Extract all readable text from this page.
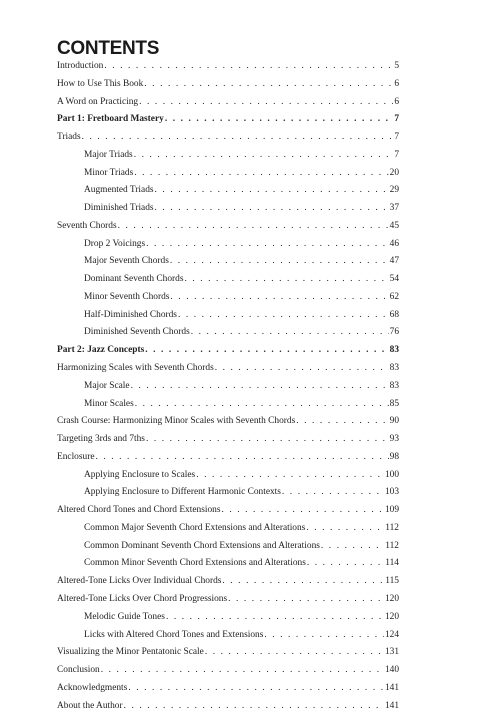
CONTENTS
Introduction . . .	5
How to Use This Book . . .	6
A Word on Practicing . . .	6
Part 1: Fretboard Mastery . . .	7
Triads . . .	7
Major Triads . . .	7
Minor Triads . . .	20
Augmented Triads . . .	29
Diminished Triads . . .	37
Seventh Chords . . .	45
Drop 2 Voicings . . .	46
Major Seventh Chords . . .	47
Dominant Seventh Chords . . .	54
Minor Seventh Chords . . .	62
Half-Diminished Chords . . .	68
Diminished Seventh Chords . . .	76
Part 2: Jazz Concepts . . .	83
Harmonizing Scales with Seventh Chords . . .	83
Major Scale . . .	83
Minor Scales . . .	85
Crash Course: Harmonizing Minor Scales with Seventh Chords . . .	90
Targeting 3rds and 7ths . . .	93
Enclosure . . .	98
Applying Enclosure to Scales . . .	100
Applying Enclosure to Different Harmonic Contexts . . .	103
Altered Chord Tones and Chord Extensions . . .	109
Common Major Seventh Chord Extensions and Alterations . . .	112
Common Dominant Seventh Chord Extensions and Alterations . . .	112
Common Minor Seventh Chord Extensions and Alterations . . .	114
Altered-Tone Licks Over Individual Chords . . .	115
Altered-Tone Licks Over Chord Progressions . . .	120
Melodic Guide Tones . . .	120
Licks with Altered Chord Tones and Extensions . . .	124
Visualizing the Minor Pentatonic Scale . . .	131
Conclusion . . .	140
Acknowledgments . . .	141
About the Author . . .	141
